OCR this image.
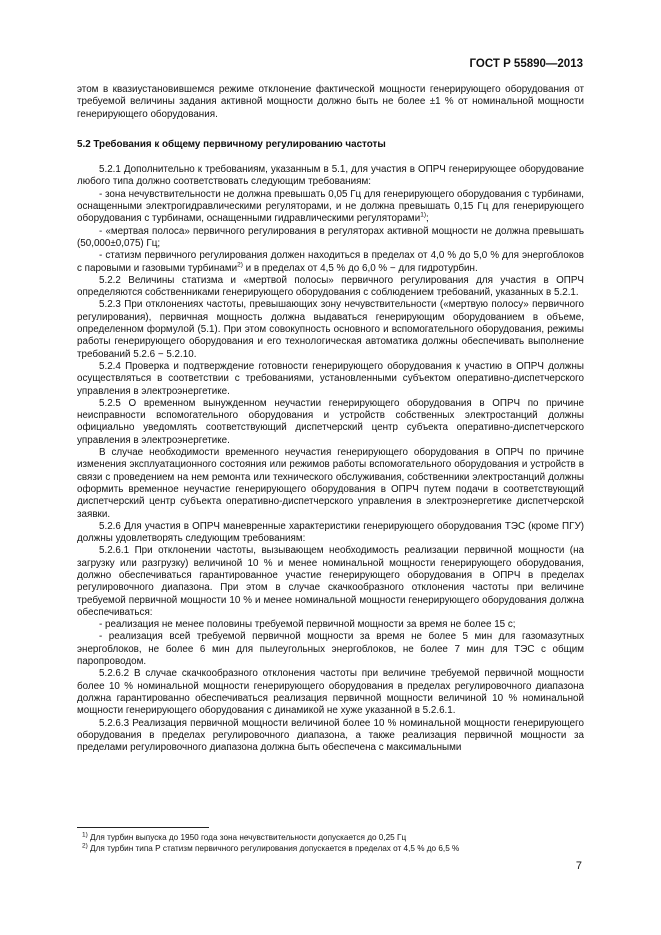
ГОСТ Р 55890—2013

этом в квазиустановившемся режиме отклонение фактической мощности генерирующего оборудования от требуемой величины задания активной мощности должно быть не более ±1 % от номинальной мощности генерирующего оборудования.

5.2 Требования к общему первичному регулированию частоты

5.2.1 Дополнительно к требованиям, указанным в 5.1, для участия в ОПРЧ генерирующее оборудование любого типа должно соответствовать следующим требованиям:

- зона нечувствительности не должна превышать 0,05 Гц для генерирующего оборудования с турбинами, оснащенными электрогидравлическими регуляторами, и не должна превышать 0,15 Гц для генерирующего оборудования с турбинами, оснащенными гидравлическими регуляторами$^{1)}$;

- «мертвая полоса» первичного регулирования в регуляторах активной мощности не должна превышать (50,000±0,075) Гц;

- статизм первичного регулирования должен находиться в пределах от 4,0 % до 5,0 % для энергоблоков с паровыми и газовыми турбинами$^{2)}$ и в пределах от 4,5 % до 6,0 % − для гидротурбин.

5.2.2 Величины статизма и «мертвой полосы» первичного регулирования для участия в ОПРЧ определяются собственниками генерирующего оборудования с соблюдением требований, указанных в 5.2.1.

5.2.3 При отклонениях частоты, превышающих зону нечувствительности («мертвую полосу» первичного регулирования), первичная мощность должна выдаваться генерирующим оборудованием в объеме, определенном формулой (5.1). При этом совокупность основного и вспомогательного оборудования, режимы работы генерирующего оборудования и его технологическая автоматика должны обеспечивать выполнение требований 5.2.6 − 5.2.10.

5.2.4 Проверка и подтверждение готовности генерирующего оборудования к участию в ОПРЧ должны осуществляться в соответствии с требованиями, установленными субъектом оперативно-диспетчерского управления в электроэнергетике.

5.2.5 О временном вынужденном неучастии генерирующего оборудования в ОПРЧ по причине неисправности вспомогательного оборудования и устройств собственных электростанций должны официально уведомлять соответствующий диспетчерский центр субъекта оперативно-диспетчерского управления в электроэнергетике.

В случае необходимости временного неучастия генерирующего оборудования в ОПРЧ по причине изменения эксплуатационного состояния или режимов работы вспомогательного оборудования и устройств в связи с проведением на нем ремонта или технического обслуживания, собственники электростанций должны оформить временное неучастие генерирующего оборудования в ОПРЧ путем подачи в соответствующий диспетчерский центр субъекта оперативно-диспетчерского управления в электроэнергетике диспетчерской заявки.

5.2.6 Для участия в ОПРЧ маневренные характеристики генерирующего оборудования ТЭС (кроме ПГУ) должны удовлетворять следующим требованиям:

5.2.6.1 При отклонении частоты, вызывающем необходимость реализации первичной мощности (на загрузку или разгрузку) величиной 10 % и менее номинальной мощности генерирующего оборудования, должно обеспечиваться гарантированное участие генерирующего оборудования в ОПРЧ в пределах регулировочного диапазона. При этом в случае скачкообразного отклонения частоты при величине требуемой первичной мощности 10 % и менее номинальной мощности генерирующего оборудования должна обеспечиваться:

- реализация не менее половины требуемой первичной мощности за время не более 15 с;

- реализация всей требуемой первичной мощности за время не более 5 мин для газомазутных энергоблоков, не более 6 мин для пылеугольных энергоблоков, не более 7 мин для ТЭС с общим паропроводом.

5.2.6.2 В случае скачкообразного отклонения частоты при величине требуемой первичной мощности более 10 % номинальной мощности генерирующего оборудования в пределах регулировочного диапазона должна гарантированно обеспечиваться реализация первичной мощности величиной 10 % номинальной мощности генерирующего оборудования с динамикой не хуже указанной в 5.2.6.1.

5.2.6.3 Реализация первичной мощности величиной более 10 % номинальной мощности генерирующего оборудования в пределах регулировочного диапазона, а также реализация первичной мощности за пределами регулировочного диапазона должна быть обеспечена с максимальными

$^{1)}$ Для турбин выпуска до 1950 года зона нечувствительности допускается до 0,25 Гц

$^{2)}$ Для турбин типа Р статизм первичного регулирования допускается в пределах от 4,5 % до 6,5 %

7
